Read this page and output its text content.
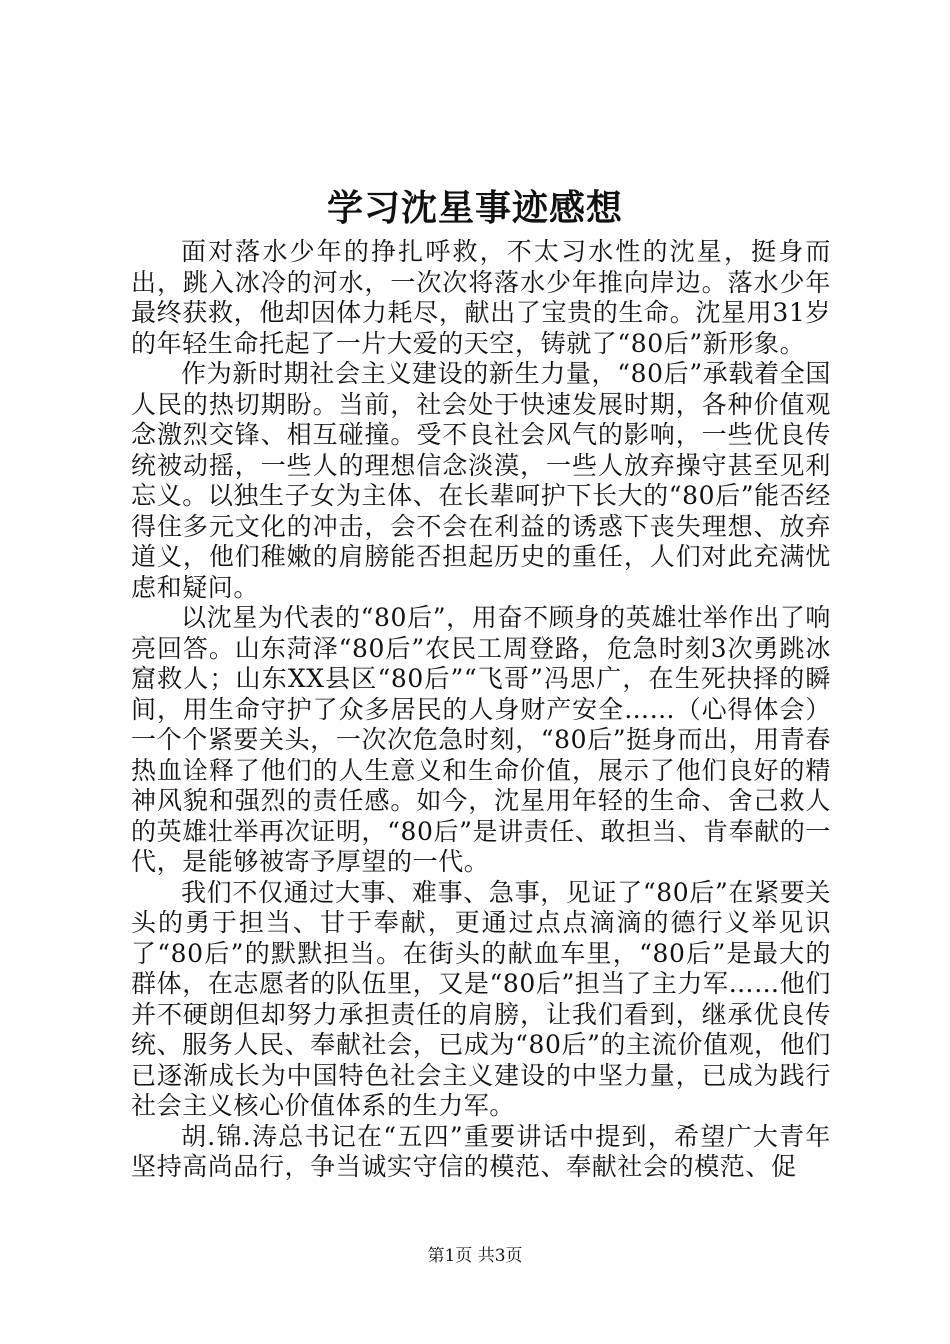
学习沈星事迹感想

面对落水少年的挣扎呼救，不太习水性的沈星，挺身而出，跳入冰冷的河水，一次次将落水少年推向岸边。落水少年最终获救，他却因体力耗尽，献出了宝贵的生命。沈星用31岁的年轻生命托起了一片大爱的天空，铸就了“80后”新形象。

作为新时期社会主义建设的新生力量，“80后”承载着全国人民的热切期盼。当前，社会处于快速发展时期，各种价值观念激烈交锋、相互碰撞。受不良社会风气的影响，一些优良传统被动摇，一些人的理想信念淡漠，一些人放弃操守甚至见利忘义。以独生子女为主体、在长辈呵护下长大的“80后”能否经得住多元文化的冲击，会不会在利益的诱惑下丧失理想、放弃道义，他们稚嫩的肩膀能否担起历史的重任，人们对此充满忧虑和疑问。

以沈星为代表的“80后”，用奋不顾身的英雄壮举作出了响亮回答。山东菏泽“80后”农民工周登路，危急时刻3次勇跳冰窟救人；山东XX县区“80后”“飞哥”冯思广，在生死抉择的瞬间，用生命守护了众多居民的人身财产安全……（心得体会）一个个紧要关头，一次次危急时刻，“80后”挺身而出，用青春热血诠释了他们的人生意义和生命价值，展示了他们良好的精神风貌和强烈的责任感。如今，沈星用年轻的生命、舍己救人的英雄壮举再次证明，“80后”是讲责任、敢担当、肯奉献的一代，是能够被寄予厚望的一代。

我们不仅通过大事、难事、急事，见证了“80后”在紧要关头的勇于担当、甘于奉献，更通过点点滴滴的德行义举见识了“80后”的默默担当。在街头的献血车里，“80后”是最大的群体，在志愿者的队伍里，又是“80后”担当了主力军……他们并不硬朗但却努力承担责任的肩膀，让我们看到，继承优良传统、服务人民、奉献社会，已成为“80后”的主流价值观，他们已逐渐成长为中国特色社会主义建设的中坚力量，已成为践行社会主义核心价值体系的生力军。

胡.锦.涛总书记在“五四”重要讲话中提到，希望广大青年坚持高尚品行，争当诚实守信的模范、奉献社会的模范、促

第1页 共3页
